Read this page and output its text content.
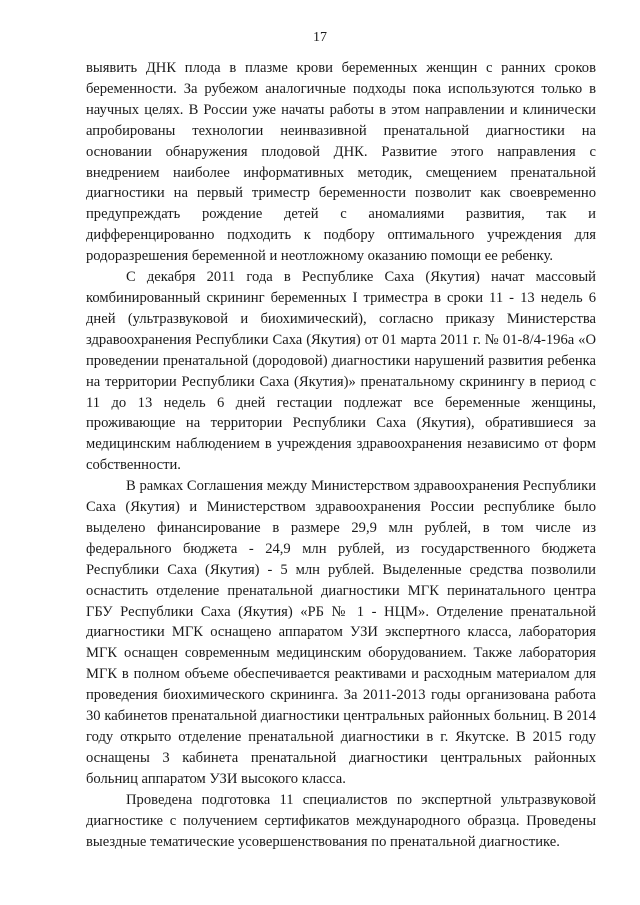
17

выявить ДНК плода в плазме крови беременных женщин с ранних сроков беременности. За рубежом аналогичные подходы пока используются только в научных целях. В России уже начаты работы в этом направлении и клинически апробированы технологии неинвазивной пренатальной диагностики на основании обнаружения плодовой ДНК. Развитие этого направления с внедрением наиболее информативных методик, смещением пренатальной диагностики на первый триместр беременности позволит как своевременно предупреждать рождение детей с аномалиями развития, так и дифференцированно подходить к подбору оптимального учреждения для родоразрешения беременной и неотложному оказанию помощи ее ребенку.

С декабря 2011 года в Республике Саха (Якутия) начат массовый комбинированный скрининг беременных I триместра в сроки 11 - 13 недель 6 дней (ультразвуковой и биохимический), согласно приказу Министерства здравоохранения Республики Саха (Якутия) от 01 марта 2011 г. № 01-8/4-196а «О проведении пренатальной (дородовой) диагностики нарушений развития ребенка на территории Республики Саха (Якутия)» пренатальному скринингу в период с 11 до 13 недель 6 дней гестации подлежат все беременные женщины, проживающие на территории Республики Саха (Якутия), обратившиеся за медицинским наблюдением в учреждения здравоохранения независимо от форм собственности.

В рамках Соглашения между Министерством здравоохранения Республики Саха (Якутия) и Министерством здравоохранения России республике было выделено финансирование в размере 29,9 млн рублей, в том числе из федерального бюджета - 24,9 млн рублей, из государственного бюджета Республики Саха (Якутия) - 5 млн рублей. Выделенные средства позволили оснастить отделение пренатальной диагностики МГК перинатального центра ГБУ Республики Саха (Якутия) «РБ № 1 - НЦМ». Отделение пренатальной диагностики МГК оснащено аппаратом УЗИ экспертного класса, лаборатория МГК оснащен современным медицинским оборудованием. Также лаборатория МГК в полном объеме обеспечивается реактивами и расходным материалом для проведения биохимического скрининга. За 2011-2013 годы организована работа 30 кабинетов пренатальной диагностики центральных районных больниц. В 2014 году открыто отделение пренатальной диагностики в г. Якутске. В 2015 году оснащены 3 кабинета пренатальной диагностики центральных районных больниц аппаратом УЗИ высокого класса.

Проведена подготовка 11 специалистов по экспертной ультразвуковой диагностике с получением сертификатов международного образца. Проведены выездные тематические усовершенствования по пренатальной диагностике.
